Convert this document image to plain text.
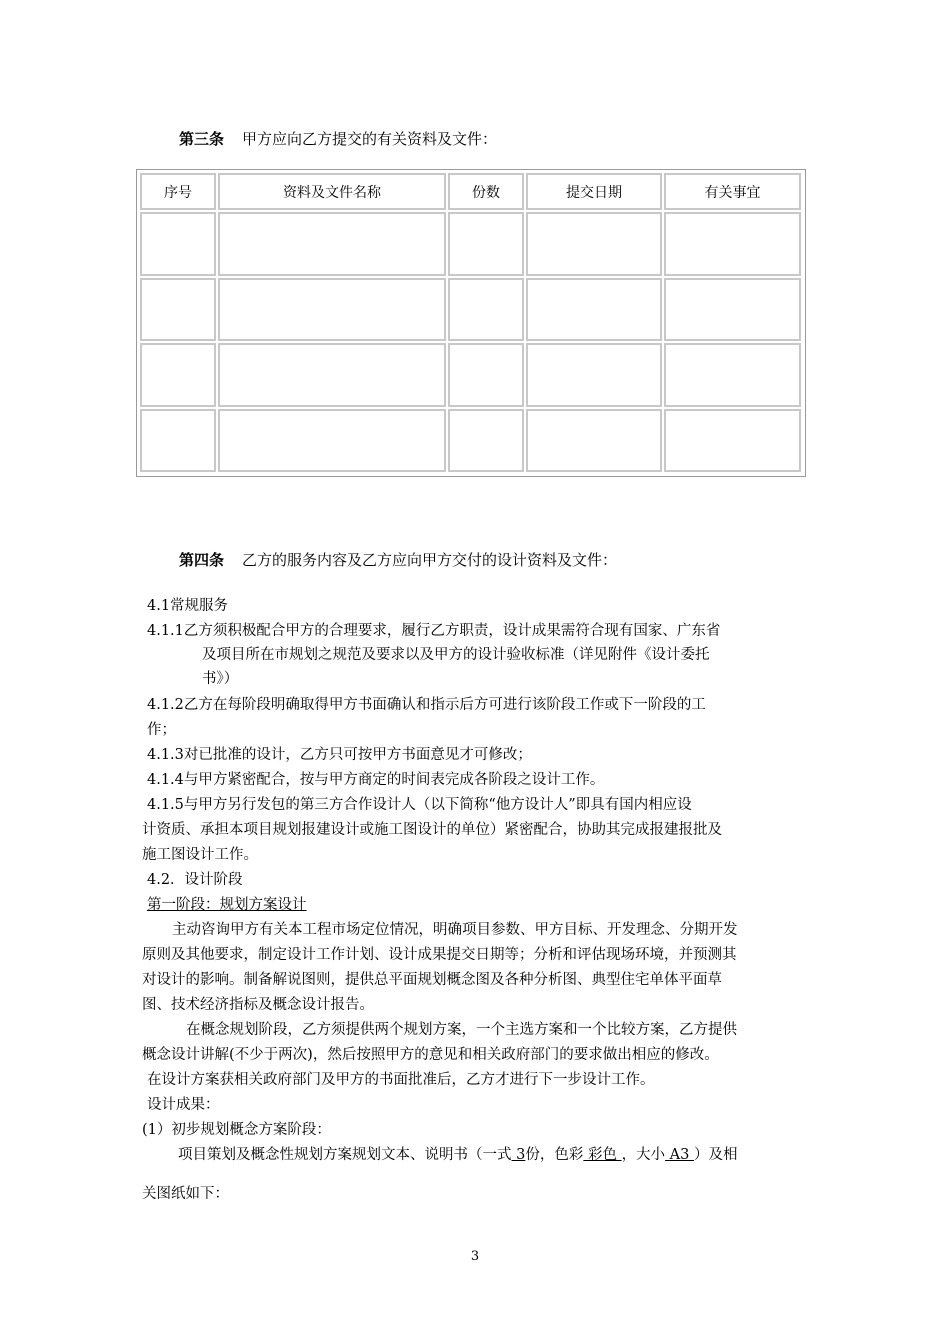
第三条 甲方应向乙方提交的有关资料及文件：
序号	资料及文件名称	份数	提交日期	有关事宜
第四条 乙方的服务内容及乙方应向甲方交付的设计资料及文件：
4.1常规服务
4.1.1乙方须积极配合甲方的合理要求，履行乙方职责，设计成果需符合现有国家、广东省
及项目所在市规划之规范及要求以及甲方的设计验收标准（详见附件《设计委托
书》）
4.1.2乙方在每阶段明确取得甲方书面确认和指示后方可进行该阶段工作或下一阶段的工
作；
4.1.3对已批准的设计，乙方只可按甲方书面意见才可修改；
4.1.4与甲方紧密配合，按与甲方商定的时间表完成各阶段之设计工作。
4.1.5与甲方另行发包的第三方合作设计人（以下简称“他方设计人”即具有国内相应设
计资质、承担本项目规划报建设计或施工图设计的单位）紧密配合，协助其完成报建报批及
施工图设计工作。
4.2．设计阶段
第一阶段：规划方案设计
主动咨询甲方有关本工程市场定位情况，明确项目参数、甲方目标、开发理念、分期开发
原则及其他要求，制定设计工作计划、设计成果提交日期等；分析和评估现场环境，并预测其
对设计的影响。制备解说图则，提供总平面规划概念图及各种分析图、典型住宅单体平面草
图、技术经济指标及概念设计报告。
在概念规划阶段，乙方须提供两个规划方案，一个主选方案和一个比较方案，乙方提供
概念设计讲解(不少于两次)，然后按照甲方的意见和相关政府部门的要求做出相应的修改。
在设计方案获相关政府部门及甲方的书面批准后，乙方才进行下一步设计工作。
设计成果：
(1）初步规划概念方案阶段：
项目策划及概念性规划方案规划文本、说明书（一式 3份，色彩 彩色 ，大小 A3 ）及相
关图纸如下：
3
